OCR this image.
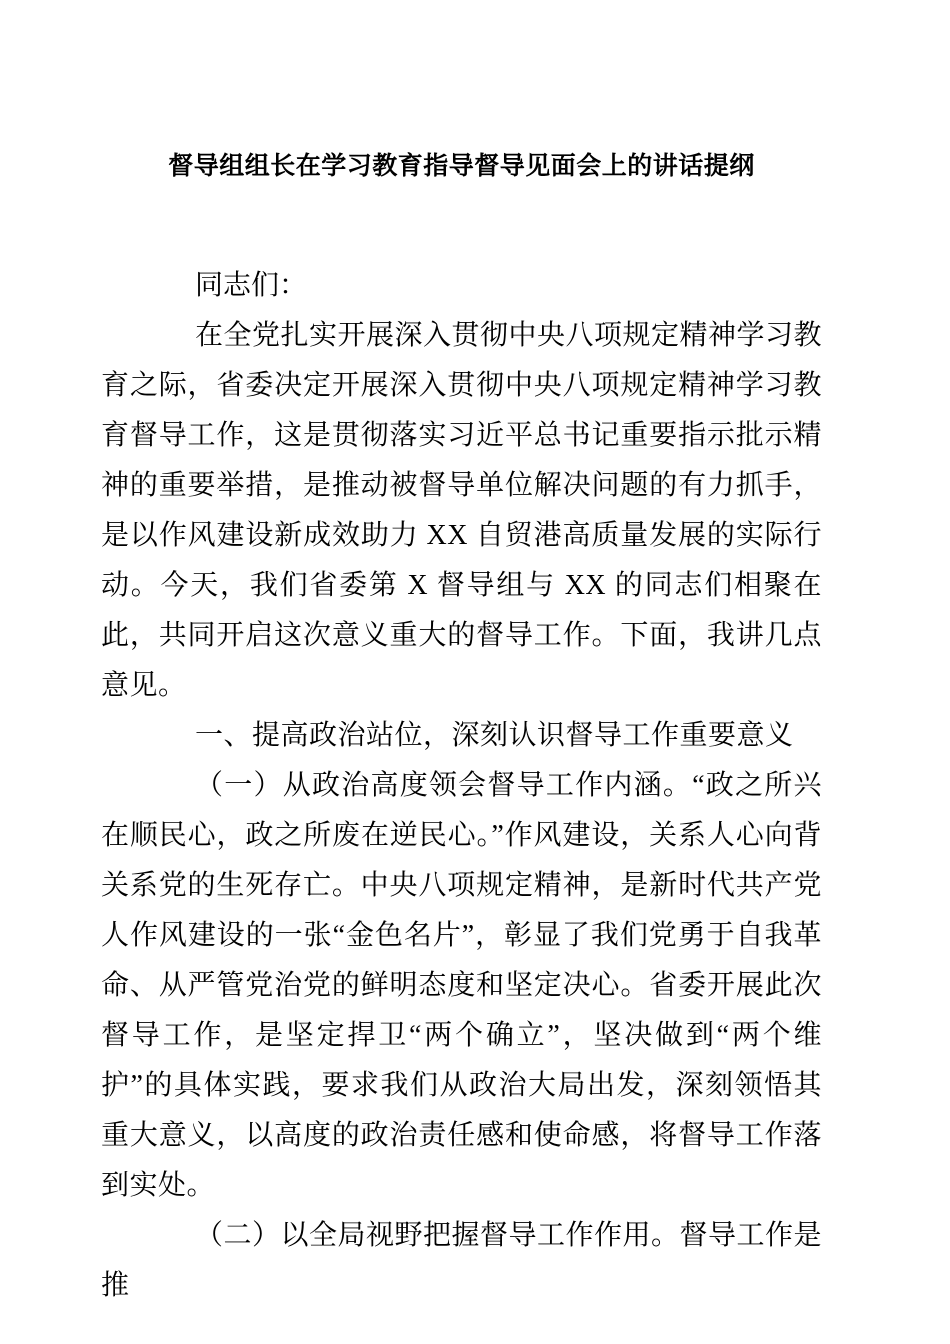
督导组组长在学习教育指导督导见面会上的讲话提纲

同志们：

在全党扎实开展深入贯彻中央八项规定精神学习教育之际，省委决定开展深入贯彻中央八项规定精神学习教育督导工作，这是贯彻落实习近平总书记重要指示批示精神的重要举措，是推动被督导单位解决问题的有力抓手，是以作风建设新成效助力 XX 自贸港高质量发展的实际行动。今天，我们省委第 X 督导组与 XX 的同志们相聚在此，共同开启这次意义重大的督导工作。下面，我讲几点意见。

一、提高政治站位，深刻认识督导工作重要意义

（一）从政治高度领会督导工作内涵。“政之所兴在顺民心，政之所废在逆民心。”作风建设，关系人心向背关系党的生死存亡。中央八项规定精神，是新时代共产党人作风建设的一张“金色名片”，彰显了我们党勇于自我革命、从严管党治党的鲜明态度和坚定决心。省委开展此次督导工作，是坚定捍卫“两个确立”，坚决做到“两个维护”的具体实践，要求我们从政治大局出发，深刻领悟其重大意义，以高度的政治责任感和使命感，将督导工作落到实处。

（二）以全局视野把握督导工作作用。督导工作是推
